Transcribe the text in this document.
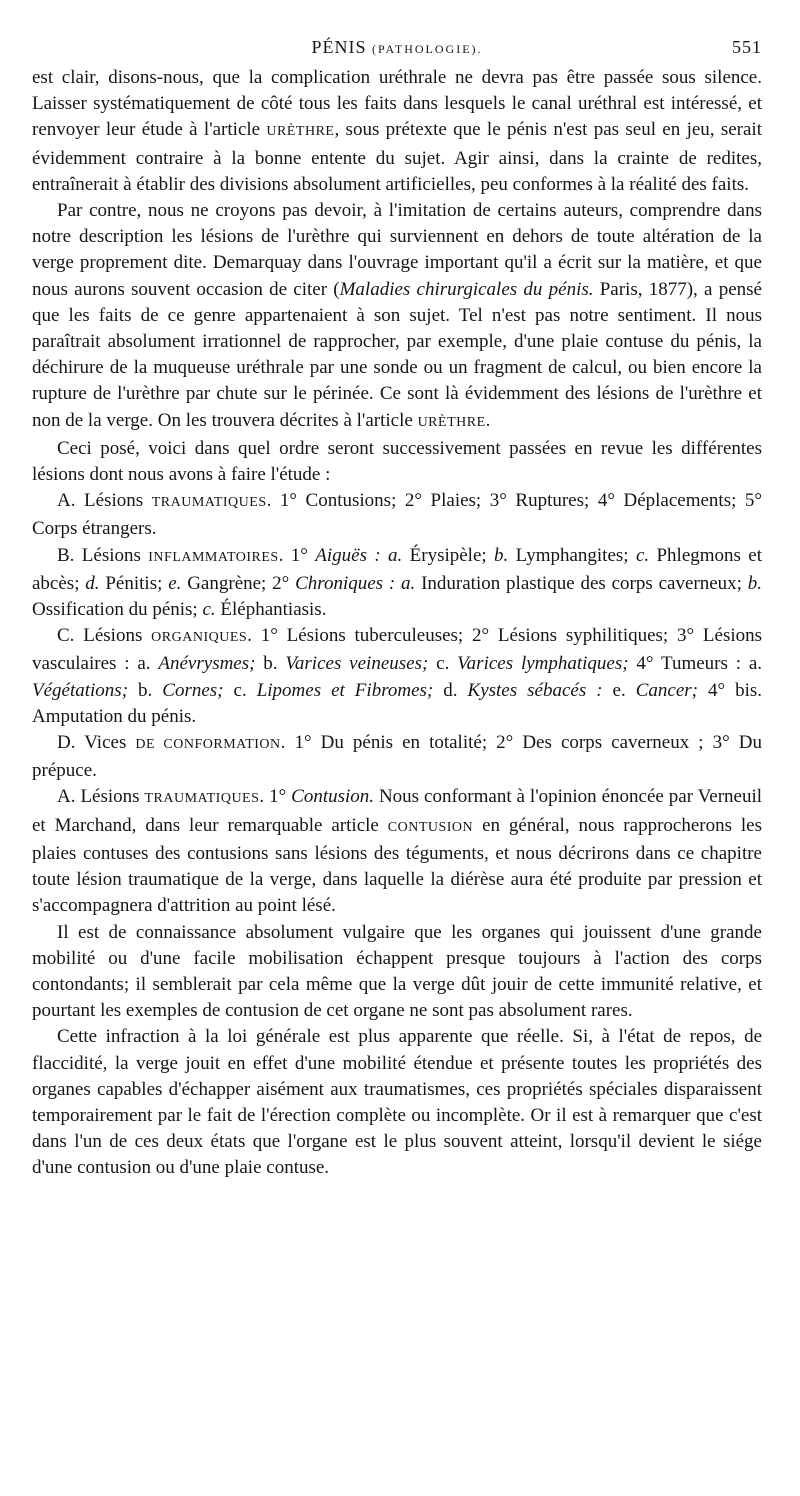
PÉNIS (PATHOLOGIE).	551

est clair, disons-nous, que la complication uréthrale ne devra pas être passée sous silence. Laisser systématiquement de côté tous les faits dans lesquels le canal uréthral est intéressé, et renvoyer leur étude à l'article URÈTHRE, sous prétexte que le pénis n'est pas seul en jeu, serait évidemment contraire à la bonne entente du sujet. Agir ainsi, dans la crainte de redites, entraînerait à établir des divisions absolument artificielles, peu conformes à la réalité des faits.

Par contre, nous ne croyons pas devoir, à l'imitation de certains auteurs, comprendre dans notre description les lésions de l'urèthre qui surviennent en dehors de toute altération de la verge proprement dite. Demarquay dans l'ouvrage important qu'il a écrit sur la matière, et que nous aurons souvent occasion de citer (Maladies chirurgicales du pénis. Paris, 1877), a pensé que les faits de ce genre appartenaient à son sujet. Tel n'est pas notre sentiment. Il nous paraîtrait absolument irrationnel de rapprocher, par exemple, d'une plaie contuse du pénis, la déchirure de la muqueuse uréthrale par une sonde ou un fragment de calcul, ou bien encore la rupture de l'urèthre par chute sur le périnée. Ce sont là évidemment des lésions de l'urèthre et non de la verge. On les trouvera décrites à l'article URÈTHRE.

Ceci posé, voici dans quel ordre seront successivement passées en revue les différentes lésions dont nous avons à faire l'étude :

A. Lésions TRAUMATIQUES. 1° Contusions; 2° Plaies; 3° Ruptures; 4° Déplacements; 5° Corps étrangers.

B. Lésions INFLAMMATOIRES. 1° Aiguës : a. Érysipèle; b. Lymphangites; c. Phlegmons et abcès; d. Pénitis; e. Gangrène; 2° Chroniques : a. Induration plastique des corps caverneux; b. Ossification du pénis; c. Éléphantiasis.

C. Lésions ORGANIQUES. 1° Lésions tuberculeuses; 2° Lésions syphilitiques; 3° Lésions vasculaires : a. Anévrysmes; b. Varices veineuses; c. Varices lymphatiques; 4° Tumeurs : a. Végétations; b. Cornes; c. Lipomes et Fibromes; d. Kystes sébacés : e. Cancer; 4° bis. Amputation du pénis.

D. Vices DE CONFORMATION. 1° Du pénis en totalité; 2° Des corps caverneux ; 3° Du prépuce.

A. Lésions TRAUMATIQUES. 1° Contusion. Nous conformant à l'opinion énoncée par Verneuil et Marchand, dans leur remarquable article CONTUSION en général, nous rapprocherons les plaies contuses des contusions sans lésions des téguments, et nous décrirons dans ce chapitre toute lésion traumatique de la verge, dans laquelle la diérèse aura été produite par pression et s'accompagnera d'attrition au point lésé.

Il est de connaissance absolument vulgaire que les organes qui jouissent d'une grande mobilité ou d'une facile mobilisation échappent presque toujours à l'action des corps contondants; il semblerait par cela même que la verge dût jouir de cette immunité relative, et pourtant les exemples de contusion de cet organe ne sont pas absolument rares.

Cette infraction à la loi générale est plus apparente que réelle. Si, à l'état de repos, de flaccidité, la verge jouit en effet d'une mobilité étendue et présente toutes les propriétés des organes capables d'échapper aisément aux traumatismes, ces propriétés spéciales disparaissent temporairement par le fait de l'érection complète ou incomplète. Or il est à remarquer que c'est dans l'un de ces deux états que l'organe est le plus souvent atteint, lorsqu'il devient le siége d'une contusion ou d'une plaie contuse.
